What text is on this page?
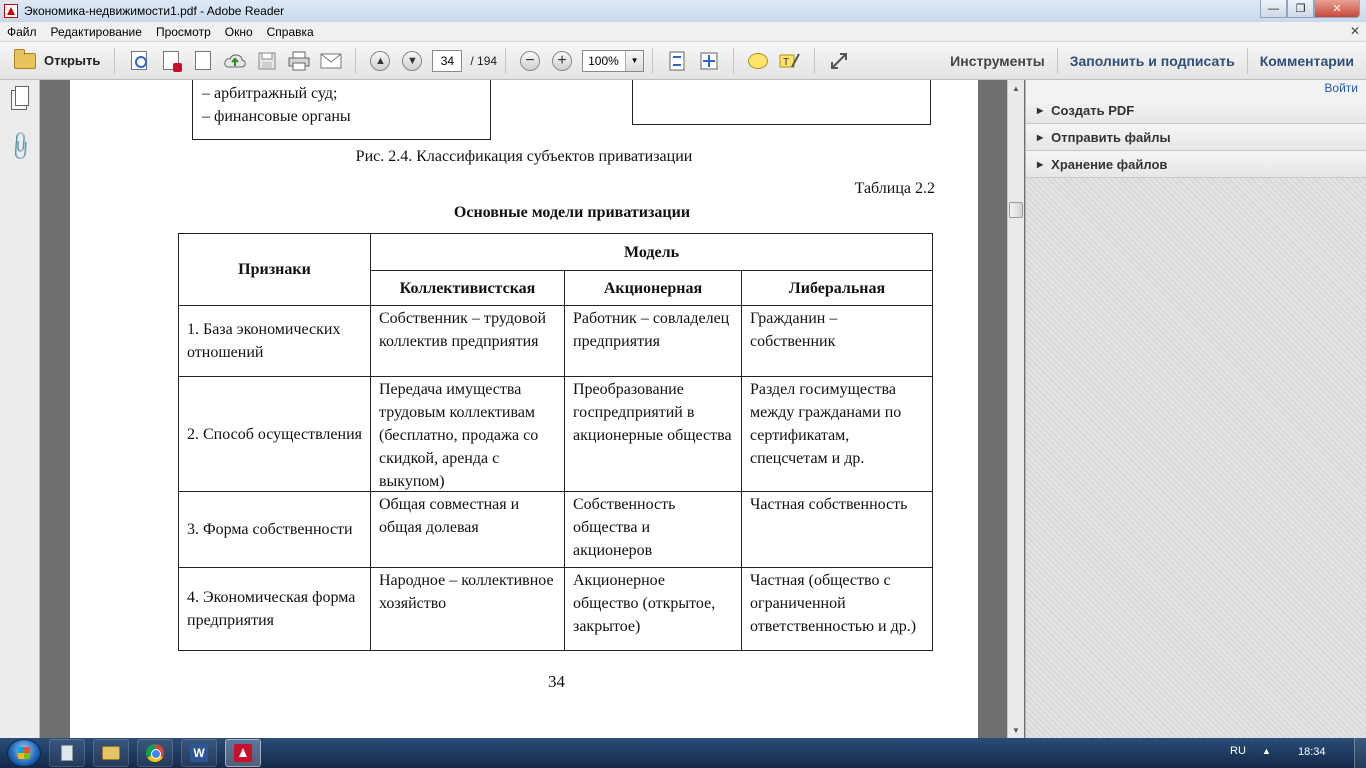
Экономика-недвижимости1.pdf - Adobe Reader	—	❐	✕
Файл	Редактирование	Просмотр	Окно	Справка	✕
Открыть	▲	▼	34	/ 194	−	+	100%	▼	T	Инструменты	Заполнить и подписать	Комментарии
📎
– арбитражный суд;
– финансовые органы
Рис. 2.4. Классификация субъектов приватизации
Таблица 2.2
Основные модели приватизации
Признаки	Модель		
	Коллективистская	Акционерная	Либеральная
1. База экономических отношений	Собственник – трудовой коллектив предприятия	Работник – совладелец предприятия	Гражданин – собственник

2. Способ осуществления	Передача имущества трудовым коллективам (бесплатно, продажа со скидкой, аренда с выкупом)	Преобразование госпредприятий в акционерные общества	Раздел госимущества между гражданами по сертификатам, спецсчетам и др.

3. Форма собственности	Общая совместная и общая долевая	Собственность общества и акционеров	Частная собственность

4. Экономическая форма предприятия	Народное – коллективное хозяйство	Акционерное общество (открытое, закрытое)	Частная (общество с ограниченной ответственностью и др.)
34
▲
▼
Войти
▶ Создать PDF
▶ Отправить файлы
▶ Хранение файлов
W	RU ▲ 18:34
